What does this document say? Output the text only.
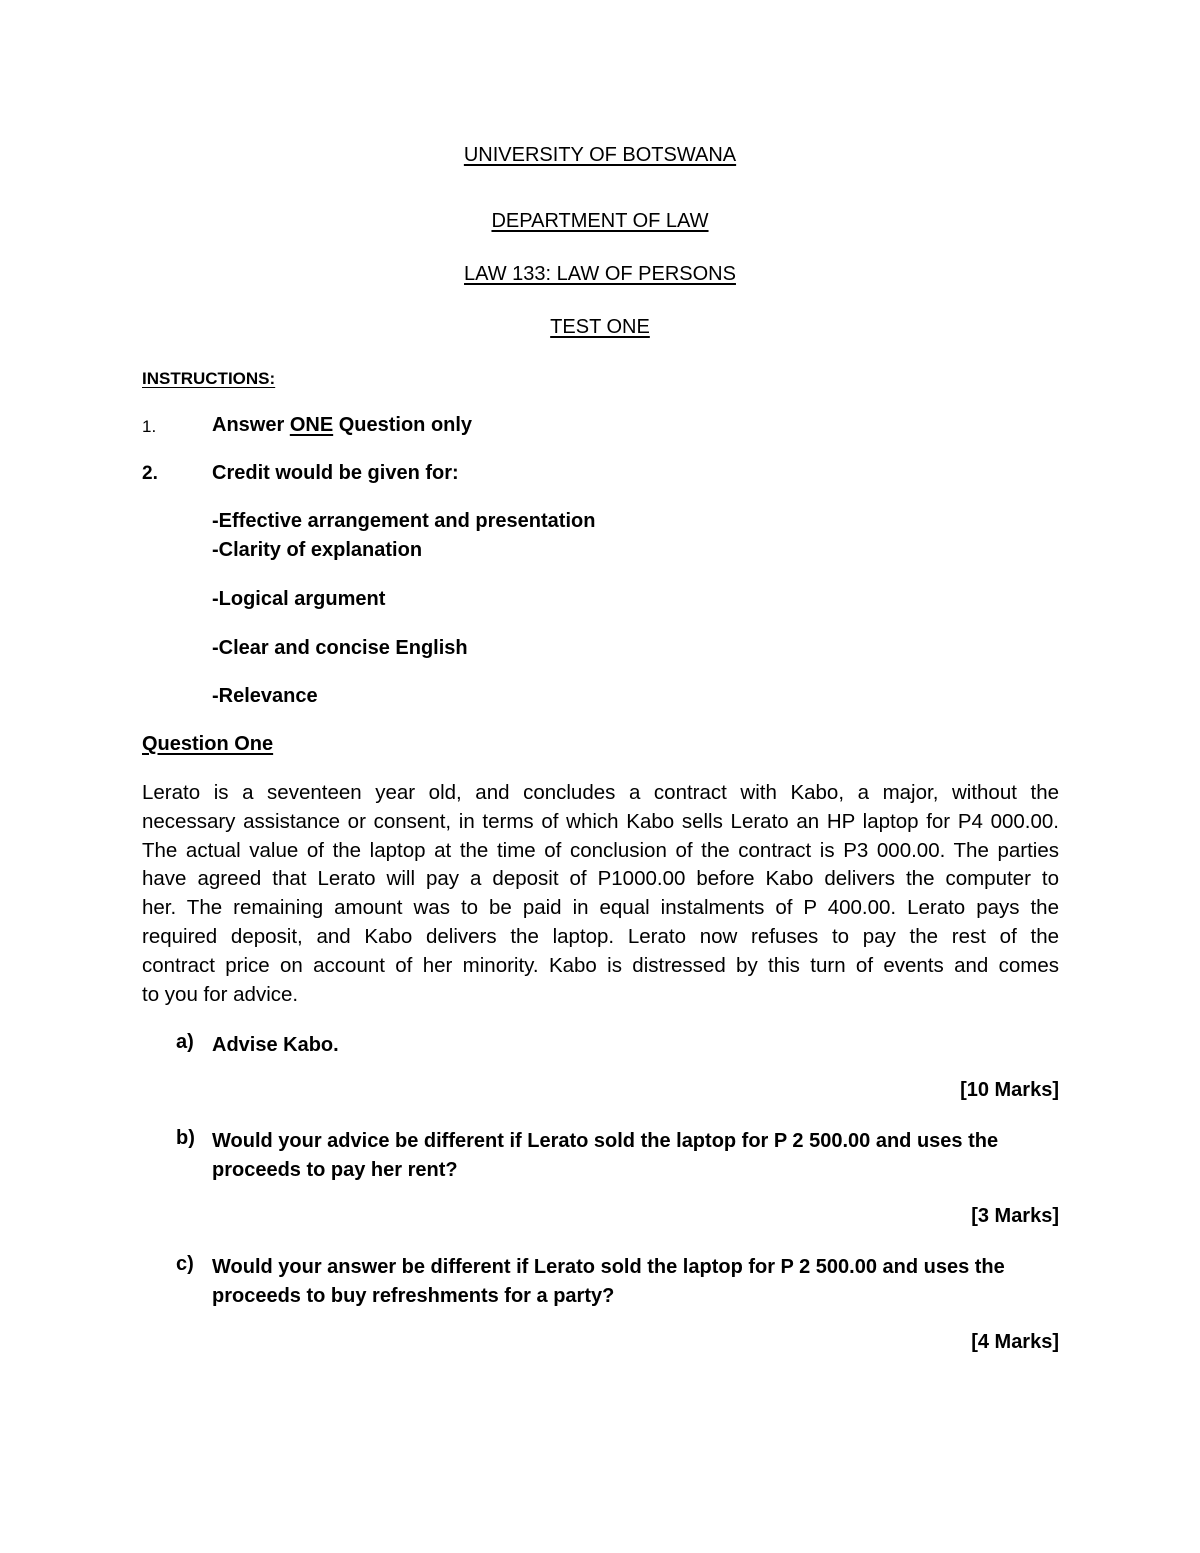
UNIVERSITY OF BOTSWANA
DEPARTMENT OF LAW
LAW 133: LAW OF PERSONS
TEST ONE
INSTRUCTIONS:
1.	Answer ONE Question only
2.	Credit would be given for:
-Effective arrangement and presentation
-Clarity of explanation
-Logical argument
-Clear and concise English
-Relevance
Question One
Lerato is a seventeen year old, and concludes a contract with Kabo, a major, without the
necessary assistance or consent, in terms of which Kabo sells Lerato an HP laptop for P4 000.00.
The actual value of the laptop at the time of conclusion of the contract is P3 000.00. The parties
have agreed that Lerato will pay a deposit of P1000.00 before Kabo delivers the computer to
her. The remaining amount was to be paid in equal instalments of P 400.00. Lerato pays the
required deposit, and Kabo delivers the laptop. Lerato now refuses to pay the rest of the
contract price on account of her minority. Kabo is distressed by this turn of events and comes
to you for advice.
a) Advise Kabo.
[10 Marks]
b) Would your advice be different if Lerato sold the laptop for P 2 500.00 and uses the
proceeds to pay her rent?
[3 Marks]
c) Would your answer be different if Lerato sold the laptop for P 2 500.00 and uses the
proceeds to buy refreshments for a party?
[4 Marks]
